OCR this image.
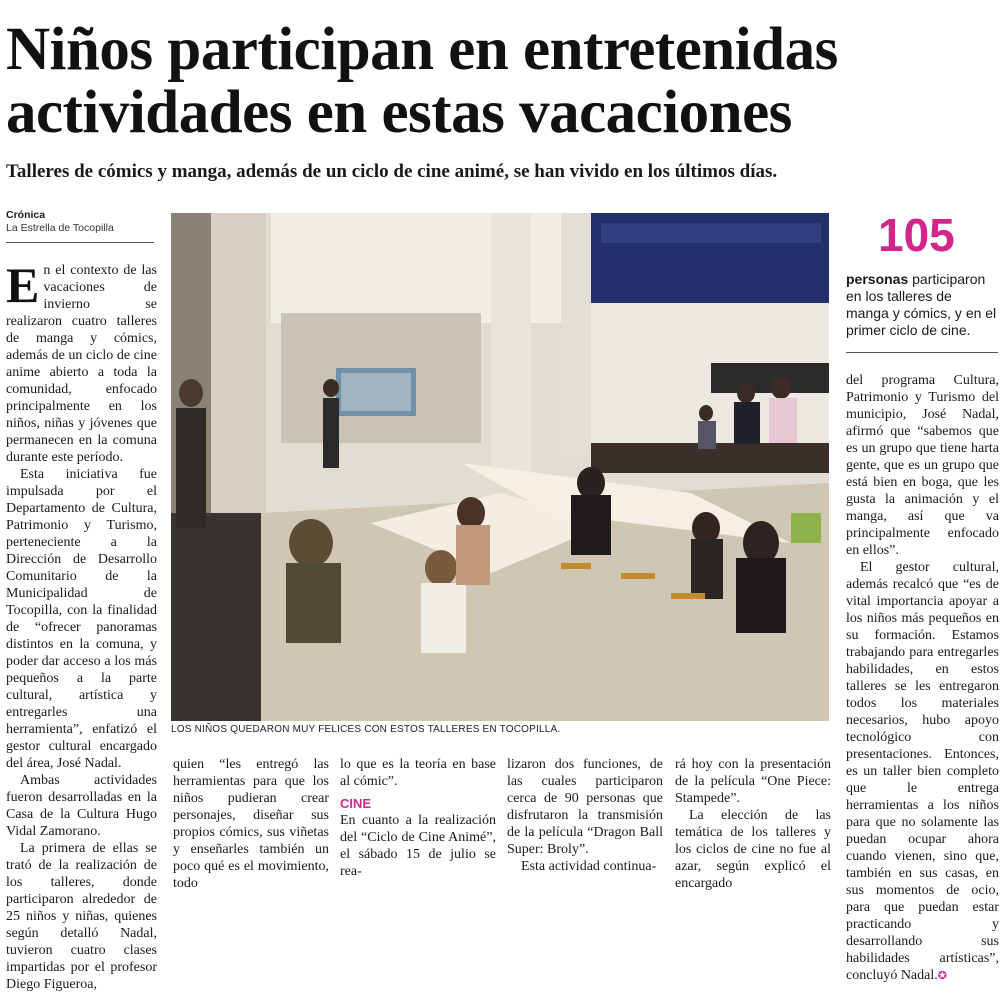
Niños participan en entretenidas actividades en estas vacaciones
Talleres de cómics y manga, además de un ciclo de cine animé, se han vivido en los últimos días.
Crónica
La Estrella de Tocopilla

En el contexto de las vacaciones de invierno se realizaron cuatro talleres de manga y cómics, además de un ciclo de cine anime abierto a toda la comunidad, enfocado principalmente en los niños, niñas y jóvenes que permanecen en la comuna durante este período.

Esta iniciativa fue impulsada por el Departamento de Cultura, Patrimonio y Turismo, perteneciente a la Dirección de Desarrollo Comunitario de la Municipalidad de Tocopilla, con la finalidad de “ofrecer panoramas distintos en la comuna, y poder dar acceso a los más pequeños a la parte cultural, artística y entregarles una herramienta”, enfatizó el gestor cultural encargado del área, José Nadal.

Ambas actividades fueron desarrolladas en la Casa de la Cultura Hugo Vidal Zamorano.

La primera de ellas se trató de la realización de los talleres, donde participaron alrededor de 25 niños y niñas, quienes según detalló Nadal, tuvieron cuatro clases impartidas por el profesor Diego Figueroa,

LOS NIÑOS QUEDARON MUY FELICES CON ESTOS TALLERES EN TOCOPILLA.
105
personas participaron en los talleres de manga y cómics, y en el primer ciclo de cine.

del programa Cultura, Patrimonio y Turismo del municipio, José Nadal, afirmó que “sabemos que es un grupo que tiene harta gente, que es un grupo que está bien en boga, que les gusta la animación y el manga, así que va principalmente enfocado en ellos”.

El gestor cultural, además recalcó que “es de vital importancia apoyar a los niños más pequeños en su formación. Estamos trabajando para entregarles habilidades, en estos talleres se les entregaron todos los materiales necesarios, hubo apoyo tecnológico con presentaciones. Entonces, es un taller bien completo que le entrega herramientas a los niños para que no solamente las puedan ocupar ahora cuando vienen, sino que, también en sus casas, en sus momentos de ocio, para que puedan estar practicando y desarrollando sus habilidades artísticas”, concluyó Nadal.✪

quien “les entregó las herramientas para que los niños pudieran crear personajes, diseñar sus propios cómics, sus viñetas y enseñarles también un poco qué es el movimiento, todo

lo que es la teoría en base al cómic”.

CINE

En cuanto a la realización del “Ciclo de Cine Animé”, el sábado 15 de julio se rea-

lizaron dos funciones, de las cuales participaron cerca de 90 personas que disfrutaron la transmisión de la película “Dragon Ball Super: Broly”.

Esta actividad continua-

rá hoy con la presentación de la película “One Piece: Stampede”.

La elección de las temática de los talleres y los ciclos de cine no fue al azar, según explicó el encargado
